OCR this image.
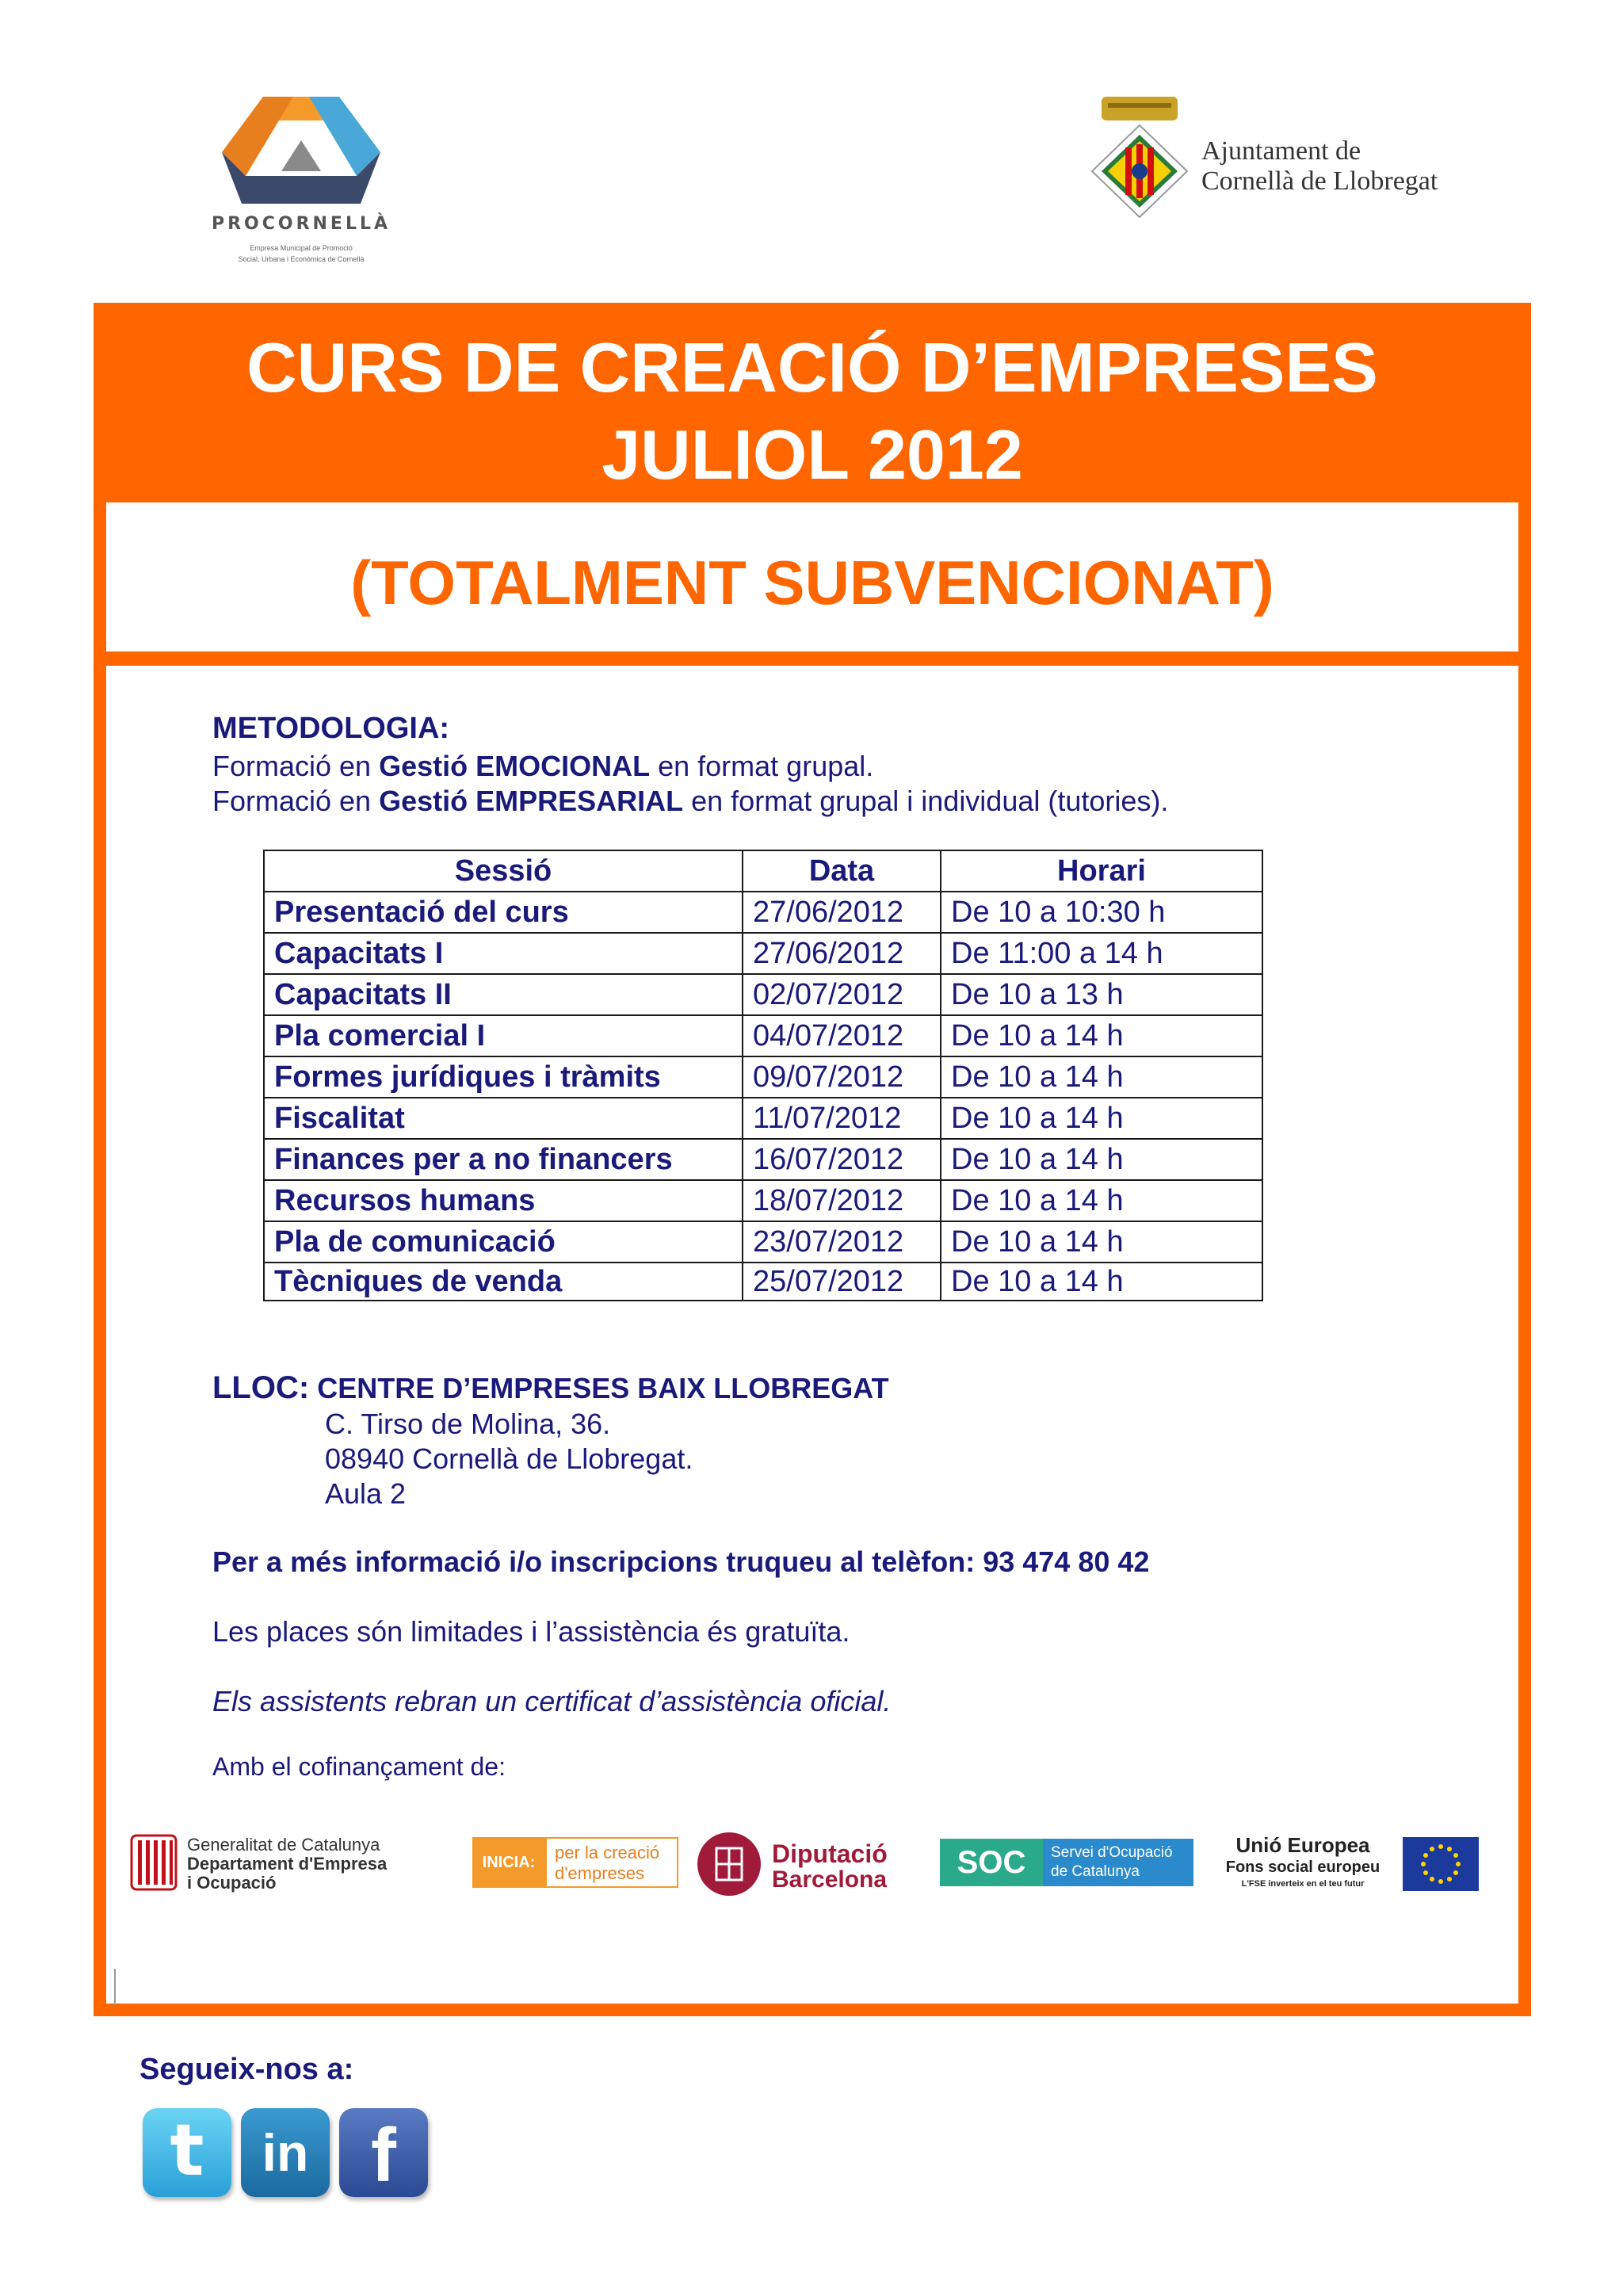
PROCORNELLÀ
Empresa Municipal de Promoció
Social, Urbana i Econòmica de Cornellà
Ajuntament de
Cornellà de Llobregat
CURS DE CREACIÓ D’EMPRESES
JULIOL 2012
(TOTALMENT SUBVENCIONAT)
METODOLOGIA:
Formació en Gestió EMOCIONAL en format grupal.
Formació en Gestió EMPRESARIAL en format grupal i individual (tutories).
Sessió	Data	Horari
Presentació del curs	27/06/2012	De 10 a 10:30 h
Capacitats I	27/06/2012	De 11:00 a 14 h
Capacitats II	02/07/2012	De 10 a 13 h
Pla comercial I	04/07/2012	De 10 a 14 h
Formes jurídiques i tràmits	09/07/2012	De 10 a 14 h
Fiscalitat	11/07/2012	De 10 a 14 h
Finances per a no financers	16/07/2012	De 10 a 14 h
Recursos humans	18/07/2012	De 10 a 14 h
Pla de comunicació	23/07/2012	De 10 a 14 h
Tècniques de venda	25/07/2012	De 10 a 14 h
LLOC: CENTRE D’EMPRESES BAIX LLOBREGAT
C. Tirso de Molina, 36.
08940 Cornellà de Llobregat.
Aula 2
Per a més informació i/o inscripcions truqueu al telèfon: 93 474 80 42
Les places són limitades i l’assistència és gratuïta.
Els assistents rebran un certificat d’assistència oficial.
Amb el cofinançament de:
Generalitat de Catalunya
Departament d'Empresa
i Ocupació
INICIA:	per la creació
d'empreses
Diputació
Barcelona	SOC	Servei d'Ocupació
de Catalunya
Unió Europea
Fons social europeu
L'FSE inverteix en el teu futur
Segueix-nos a:
t	in f
